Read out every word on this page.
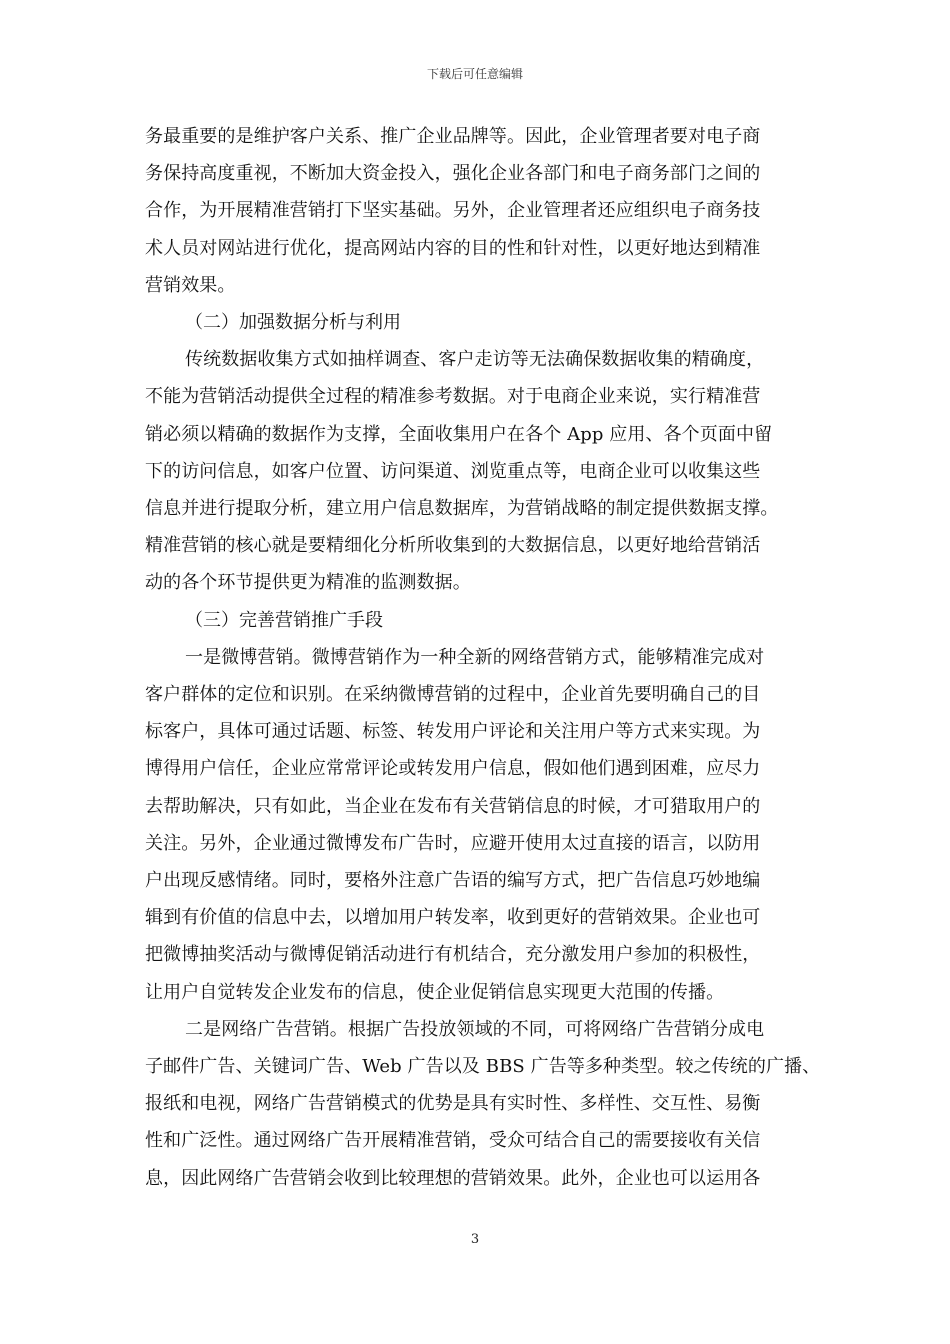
下载后可任意编辑
务最重要的是维护客户关系、推广企业品牌等。因此，企业管理者要对电子商
务保持高度重视，不断加大资金投入，强化企业各部门和电子商务部门之间的
合作，为开展精准营销打下坚实基础。另外，企业管理者还应组织电子商务技
术人员对网站进行优化，提高网站内容的目的性和针对性，以更好地达到精准
营销效果。
（二）加强数据分析与利用
传统数据收集方式如抽样调查、客户走访等无法确保数据收集的精确度，
不能为营销活动提供全过程的精准参考数据。对于电商企业来说，实行精准营
销必须以精确的数据作为支撑，全面收集用户在各个 App 应用、各个页面中留
下的访问信息，如客户位置、访问渠道、浏览重点等，电商企业可以收集这些
信息并进行提取分析，建立用户信息数据库，为营销战略的制定提供数据支撑。
精准营销的核心就是要精细化分析所收集到的大数据信息，以更好地给营销活
动的各个环节提供更为精准的监测数据。
（三）完善营销推广手段
一是微博营销。微博营销作为一种全新的网络营销方式，能够精准完成对
客户群体的定位和识别。在采纳微博营销的过程中，企业首先要明确自己的目
标客户，具体可通过话题、标签、转发用户评论和关注用户等方式来实现。为
博得用户信任，企业应常常评论或转发用户信息，假如他们遇到困难，应尽力
去帮助解决，只有如此，当企业在发布有关营销信息的时候，才可猎取用户的
关注。另外，企业通过微博发布广告时，应避开使用太过直接的语言，以防用
户出现反感情绪。同时，要格外注意广告语的编写方式，把广告信息巧妙地编
辑到有价值的信息中去，以增加用户转发率，收到更好的营销效果。企业也可
把微博抽奖活动与微博促销活动进行有机结合，充分激发用户参加的积极性，
让用户自觉转发企业发布的信息，使企业促销信息实现更大范围的传播。
二是网络广告营销。根据广告投放领域的不同，可将网络广告营销分成电
子邮件广告、关键词广告、Web 广告以及 BBS 广告等多种类型。较之传统的广播、
报纸和电视，网络广告营销模式的优势是具有实时性、多样性、交互性、易衡
性和广泛性。通过网络广告开展精准营销，受众可结合自己的需要接收有关信
息，因此网络广告营销会收到比较理想的营销效果。此外，企业也可以运用各
3
